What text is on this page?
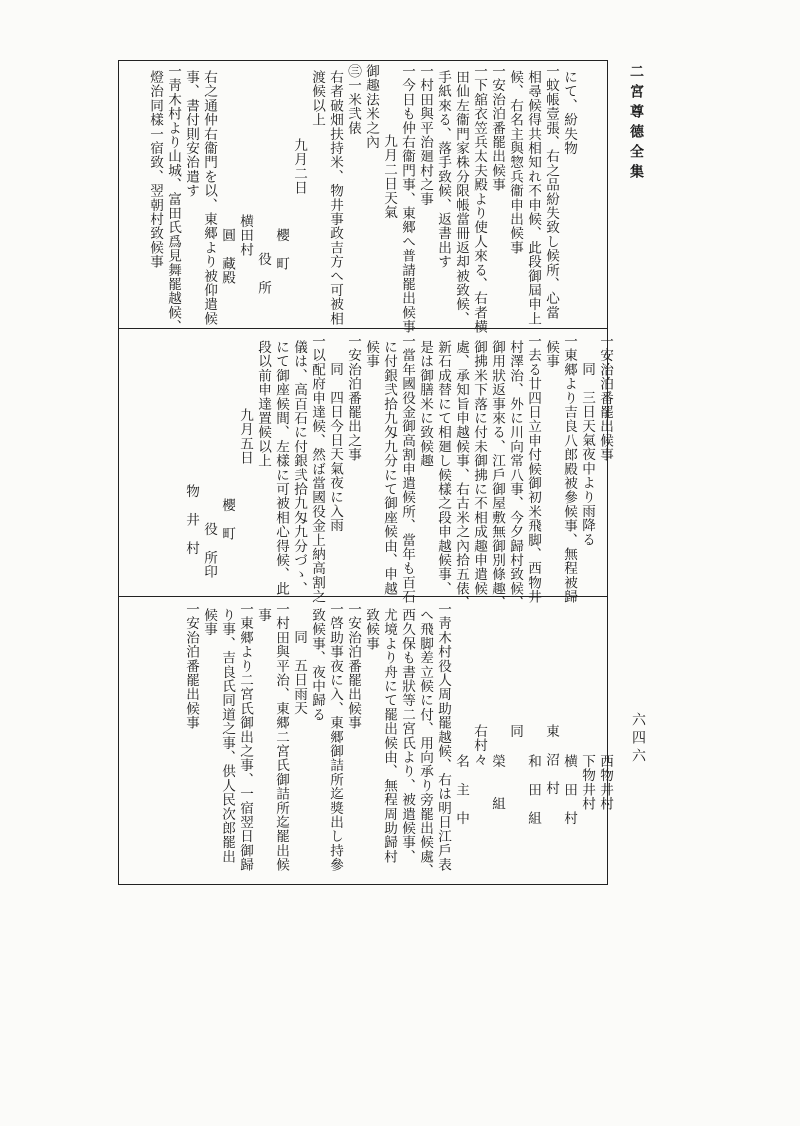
二宮尊德全集
六四六
にて、紛失物
一蚊帳壹張、右之品紛失致し候所、心當
相尋候得共相知れ不申候、此段御屆申上
候、右名主與惣兵衞申出候事
一安治泊番罷出候事
一下舘衣笠兵太夫殿より使人來る、右者横
田仙左衞門家株分限帳當冊返却被致候、
手紙來る、落手致候、返書出す
一村田與平治廻村之事
一今日も仲右衞門事、東郷へ普請罷出候事
九月二日天氣
御趣法米之內
㊂一米弐俵
右者破畑扶持米、物井事政吉方へ可被相
渡候以上
九月二日
櫻　町
役　所
横田村
圓　藏殿
右之通仲右衞門を以、東郷より被仰遣候
事、書付則安治遣す
一靑木村より山城、富田氏爲見舞罷越候、
燈治同樣一宿致、翌朝村致候事
一安治泊番罷出候事
同　三日天氣夜中より雨降る
一東郷より吉良八郎殿被參候事、無程被歸
候事
一去る廿四日立申付候御初米飛脚、西物井
村澤治、外に川向常八事、今夕歸村致候、
御用狀返事來る、江戶御屋敷無御別條趣、
御拂米下落に付未御拂に不相成趣申遣候
處、承知旨申越候事、右古米之內拾五俵、
新石成替にて相廻し候樣之段申越候事、
是は御膳米に致候趣
一當年國役金御高割申遣候所、當年も百石
に付銀弐拾九匁九分にて御座候由、申越
候事
一安治泊番罷出之事
同　四日今日天氣夜に入雨
一以配府申達候、然ば當國役金上納高割之
儀は、高百石に付銀弐拾九匁九分づゝ、
にて御座候間、左樣に可被相心得候、此
段以前申達置候以上
九月五日
櫻　町
役　所印
物　井　村
西物井村
下物井村
横　田　村
東　沼　村
和　田　組
同
榮　　組
右村々
名　主　中
一靑木村役人周助罷越候、右は明日江戶表
へ飛脚差立候に付、用向承り旁罷出候處、
西久保も書狀等二宮氏より、被遣候事、
尤境より舟にて罷出候由、無程周助歸村
致候事
一安治泊番罷出候事
一啓助事夜に入、東郷御詰所迄獎出し持參
致候事、夜中歸る
同　五日雨天
一村田與平治、東郷二宮氏御詰所迄罷出候
事
一東郷より二宮氏御出之事、一宿翌日御歸
り事、吉良氏同道之事、供人民次郎罷出
候事
一安治泊番罷出候事
